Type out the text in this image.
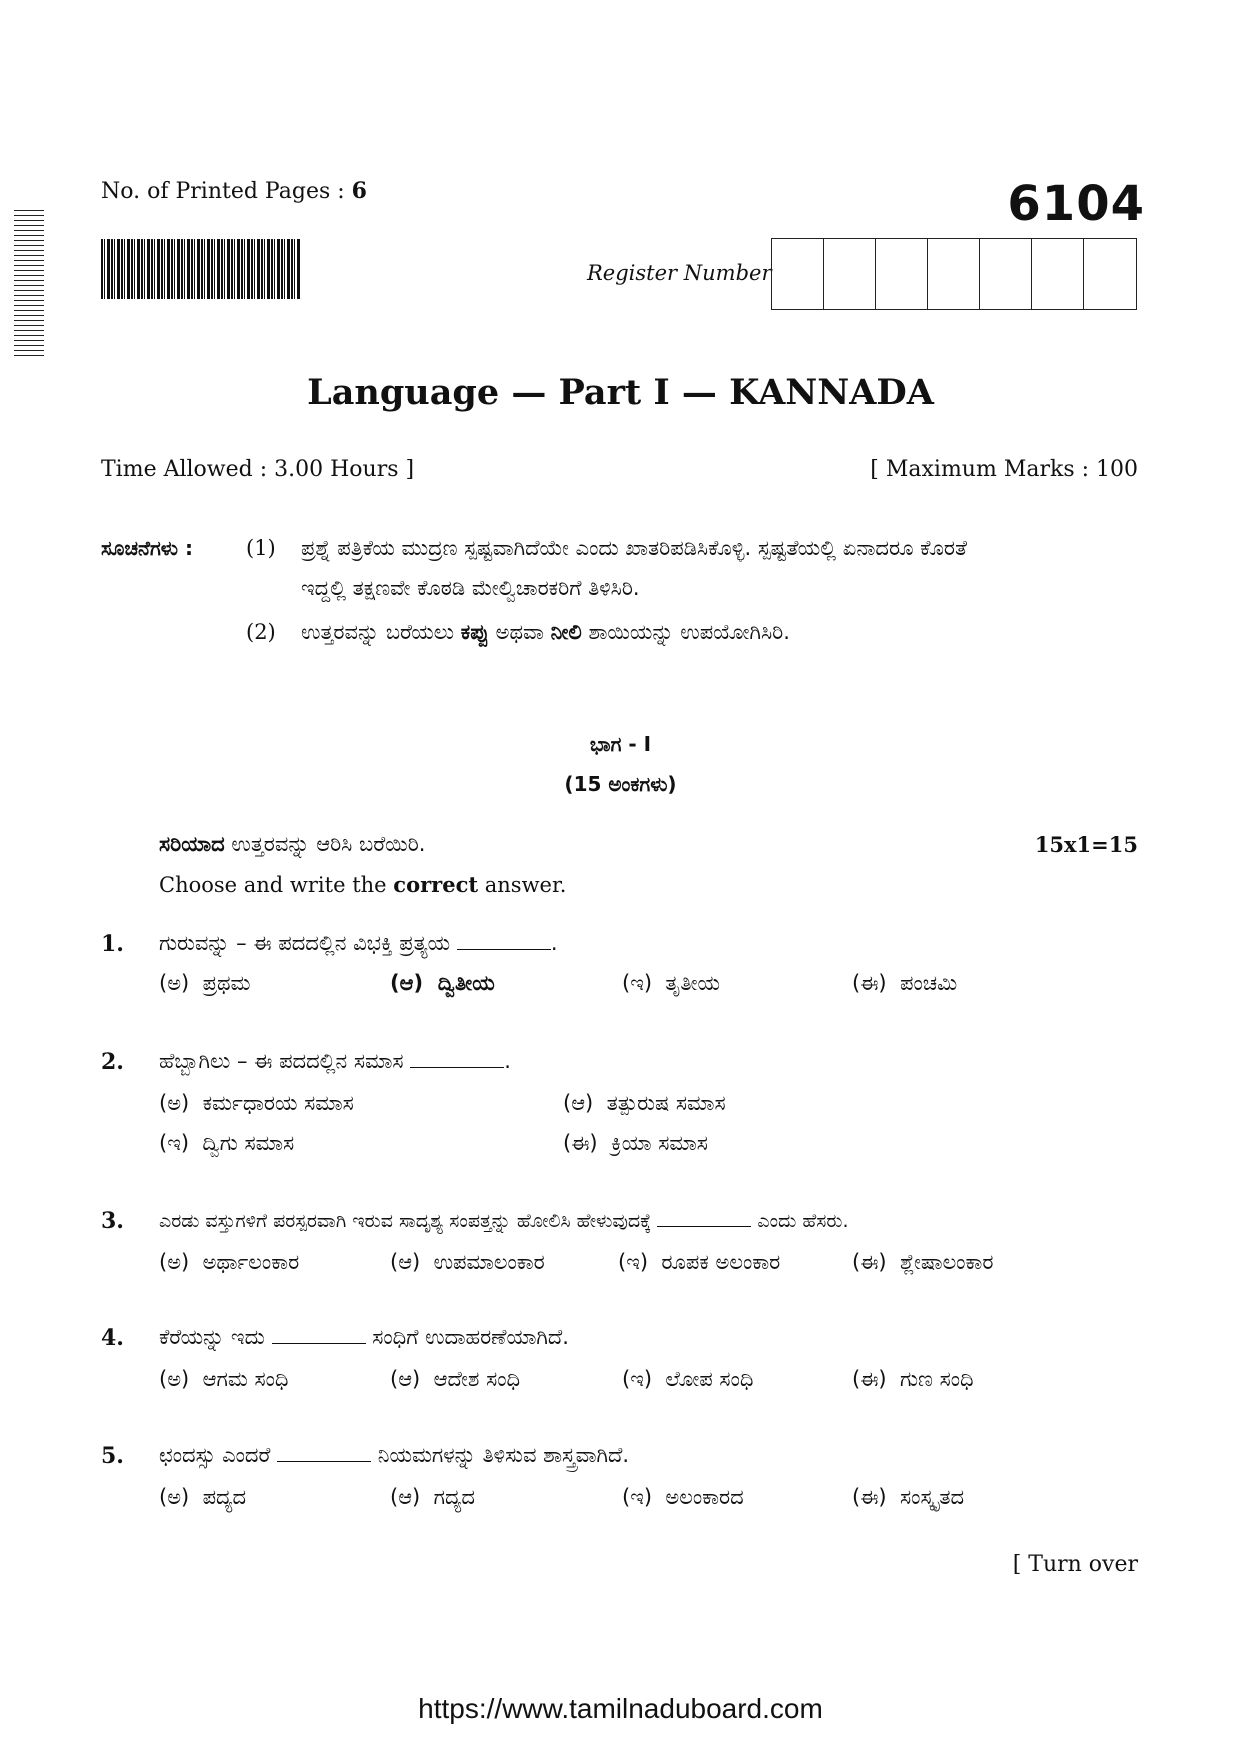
No. of Printed Pages : 6	6104
Register Number
Language — Part I — KANNADA
Time Allowed : 3.00 Hours ]	[ Maximum Marks : 100
ಸೂಚನೆಗಳು :	(1) ಪ್ರಶ್ನೆ ಪತ್ರಿಕೆಯ ಮುದ್ರಣ ಸ್ಪಷ್ಟವಾಗಿದೆಯೇ ಎಂದು ಖಾತರಿಪಡಿಸಿಕೊಳ್ಳಿ. ಸ್ಪಷ್ಟತೆಯಲ್ಲಿ ಏನಾದರೂ ಕೊರತೆ
ಇದ್ದಲ್ಲಿ ತಕ್ಷಣವೇ ಕೊಠಡಿ ಮೇಲ್ವಿಚಾರಕರಿಗೆ ತಿಳಿಸಿರಿ.
(2) ಉತ್ತರವನ್ನು ಬರೆಯಲು ಕಪ್ಪು ಅಥವಾ ನೀಲಿ ಶಾಯಿಯನ್ನು ಉಪಯೋಗಿಸಿರಿ.
ಭಾಗ - I
(15 ಅಂಕಗಳು)
ಸರಿಯಾದ ಉತ್ತರವನ್ನು ಆರಿಸಿ ಬರೆಯಿರಿ.	15x1=15
Choose and write the correct answer.
1. ಗುರುವನ್ನು – ಈ ಪದದಲ್ಲಿನ ವಿಭಕ್ತಿ ಪ್ರತ್ಯಯ	.
(ಅ) ಪ್ರಥಮ	(ಆ) ದ್ವಿತೀಯ	(ಇ) ತೃತೀಯ	(ಈ) ಪಂಚಮಿ
2. ಹೆಬ್ಬಾಗಿಲು – ಈ ಪದದಲ್ಲಿನ ಸಮಾಸ	.
(ಅ) ಕರ್ಮಧಾರಯ ಸಮಾಸ	(ಆ) ತತ್ಪುರುಷ ಸಮಾಸ
(ಇ) ದ್ವಿಗು ಸಮಾಸ	(ಈ) ಕ್ರಿಯಾ ಸಮಾಸ
3. ಎರಡು ವಸ್ತುಗಳಿಗೆ ಪರಸ್ಪರವಾಗಿ ಇರುವ ಸಾದೃಶ್ಯ ಸಂಪತ್ತನ್ನು ಹೋಲಿಸಿ ಹೇಳುವುದಕ್ಕೆ	ಎಂದು ಹೆಸರು.
(ಅ) ಅರ್ಥಾಲಂಕಾರ	(ಆ) ಉಪಮಾಲಂಕಾರ	(ಇ) ರೂಪಕ ಅಲಂಕಾರ	(ಈ) ಶ್ಲೇಷಾಲಂಕಾರ
4. ಕೆರೆಯನ್ನು ಇದು	ಸಂಧಿಗೆ ಉದಾಹರಣೆಯಾಗಿದೆ.
(ಅ) ಆಗಮ ಸಂಧಿ	(ಆ) ಆದೇಶ ಸಂಧಿ	(ಇ) ಲೋಪ ಸಂಧಿ	(ಈ) ಗುಣ ಸಂಧಿ
5. ಛಂದಸ್ಸು ಎಂದರೆ	ನಿಯಮಗಳನ್ನು ತಿಳಿಸುವ ಶಾಸ್ತ್ರವಾಗಿದೆ.
(ಅ) ಪದ್ಯದ	(ಆ) ಗದ್ಯದ	(ಇ) ಅಲಂಕಾರದ	(ಈ) ಸಂಸ್ಕೃತದ
[ Turn over
https://www.tamilnaduboard.com
